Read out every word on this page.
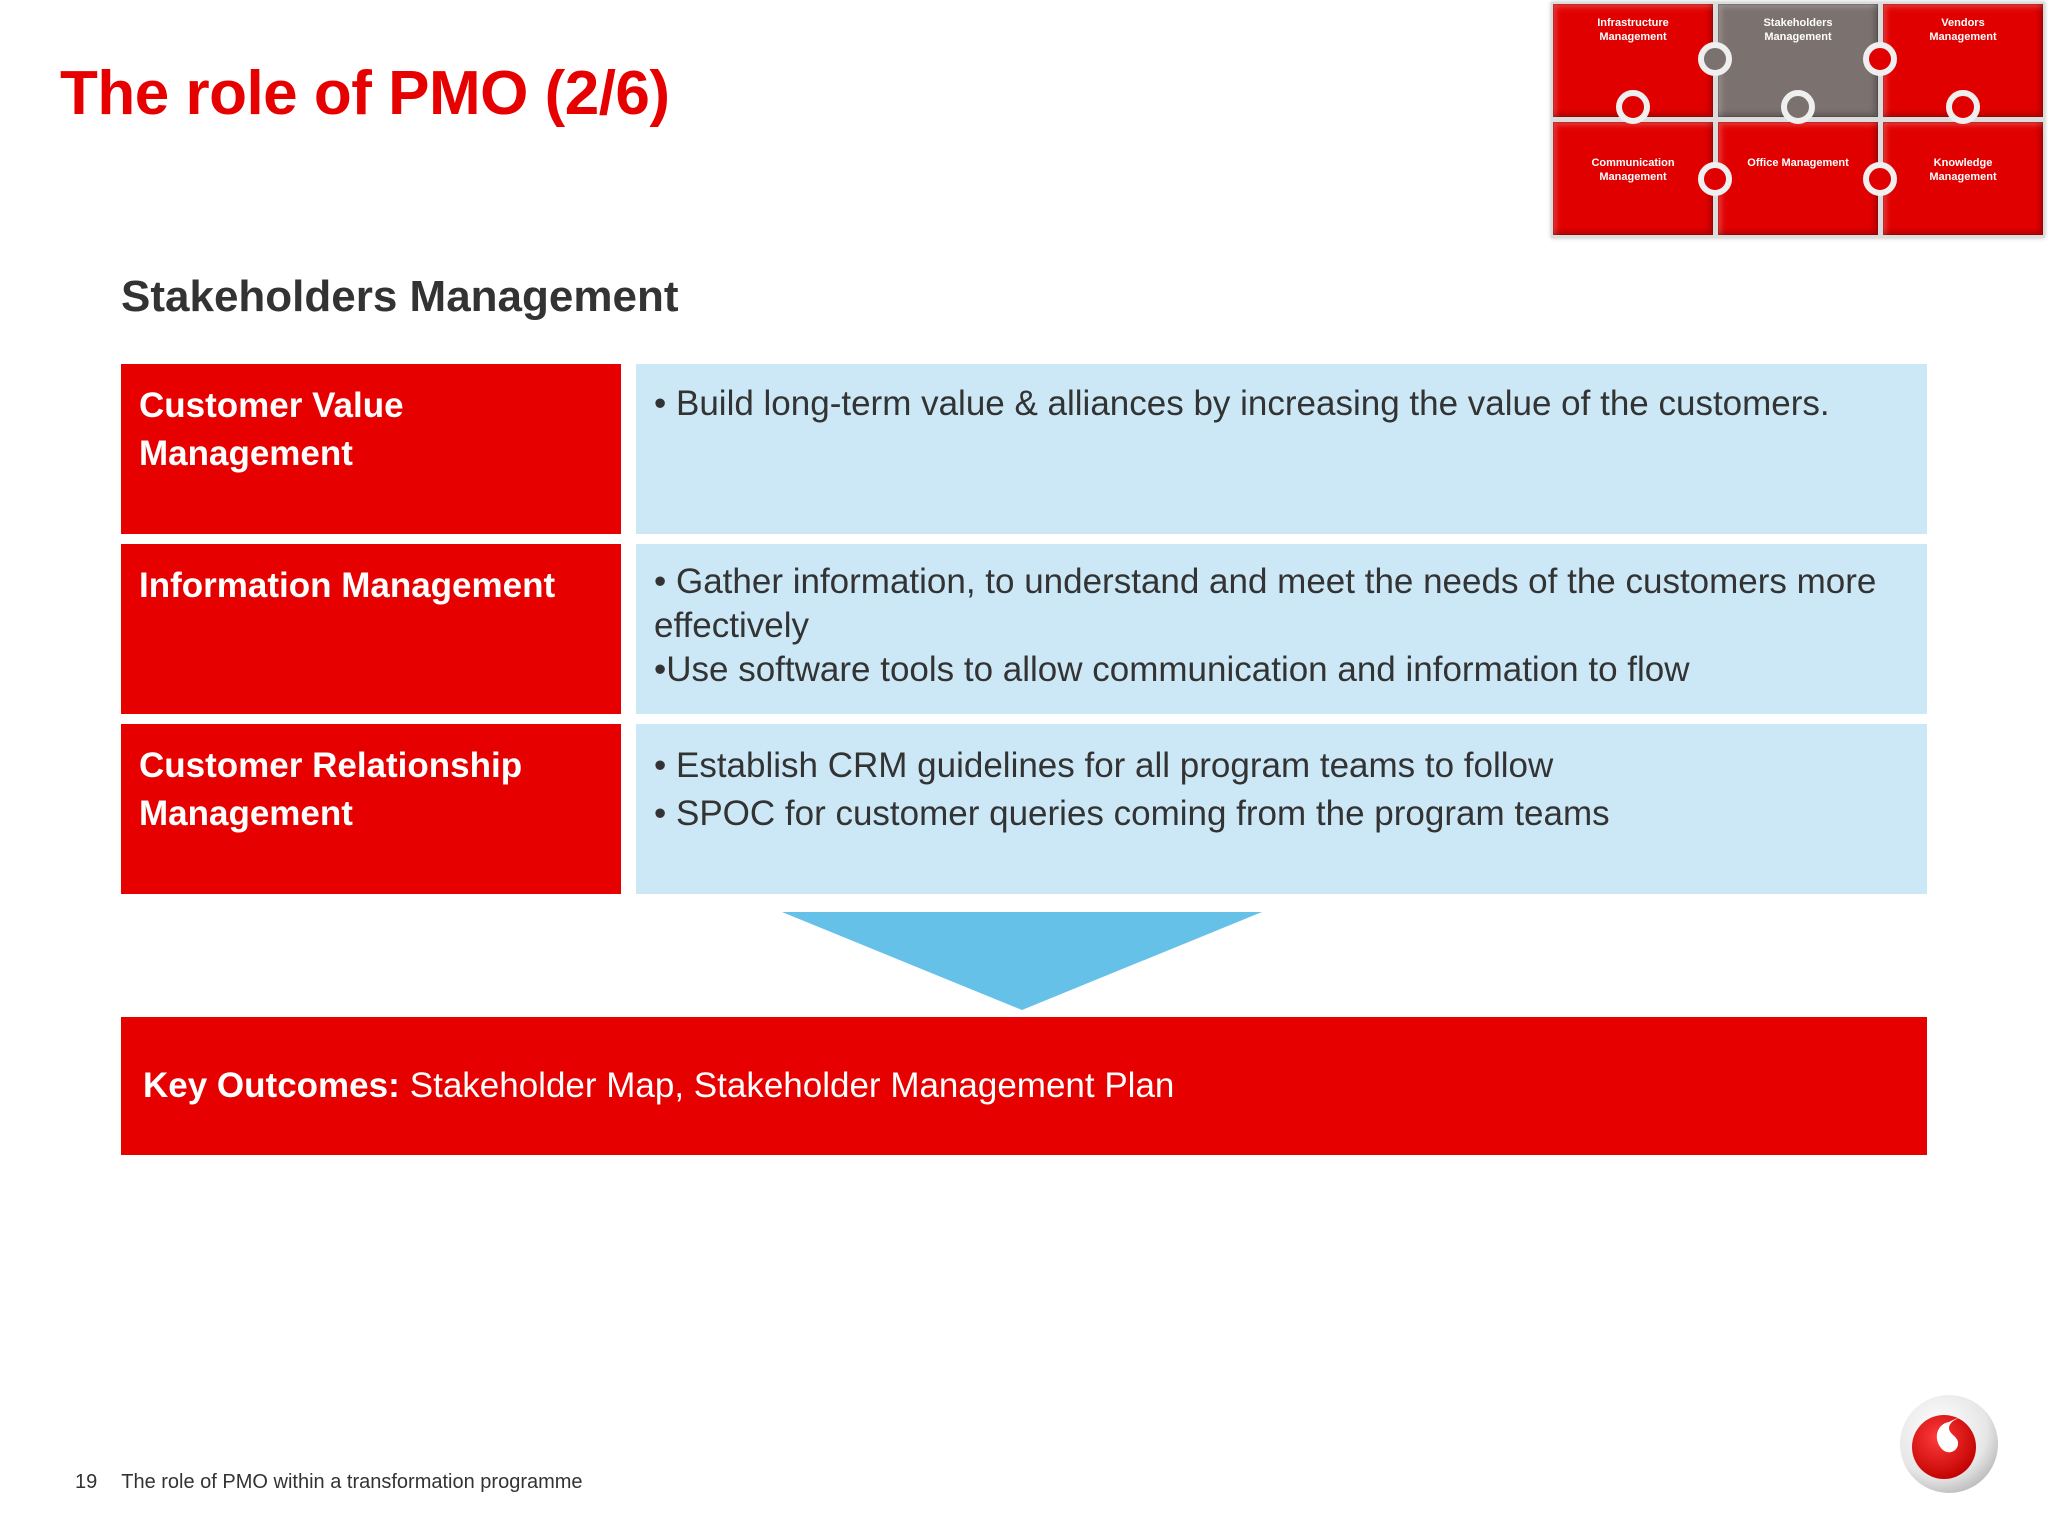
The role of PMO (2/6)
Infrastructure Management
Stakeholders Management
Vendors Management
Communication Management
Office Management	Knowledge Management
Stakeholders Management
Customer Value Management

• Build long-term value & alliances by increasing the value of the customers.

Information Management	• Gather information, to understand and meet the needs of the customers more effectively

•Use software tools to allow communication and information to flow

Customer Relationship Management

• Establish CRM guidelines for all program teams to follow

• SPOC for customer queries coming from the program teams

Key Outcomes: Stakeholder Map, Stakeholder Management Plan
19 The role of PMO within a transformation programme
